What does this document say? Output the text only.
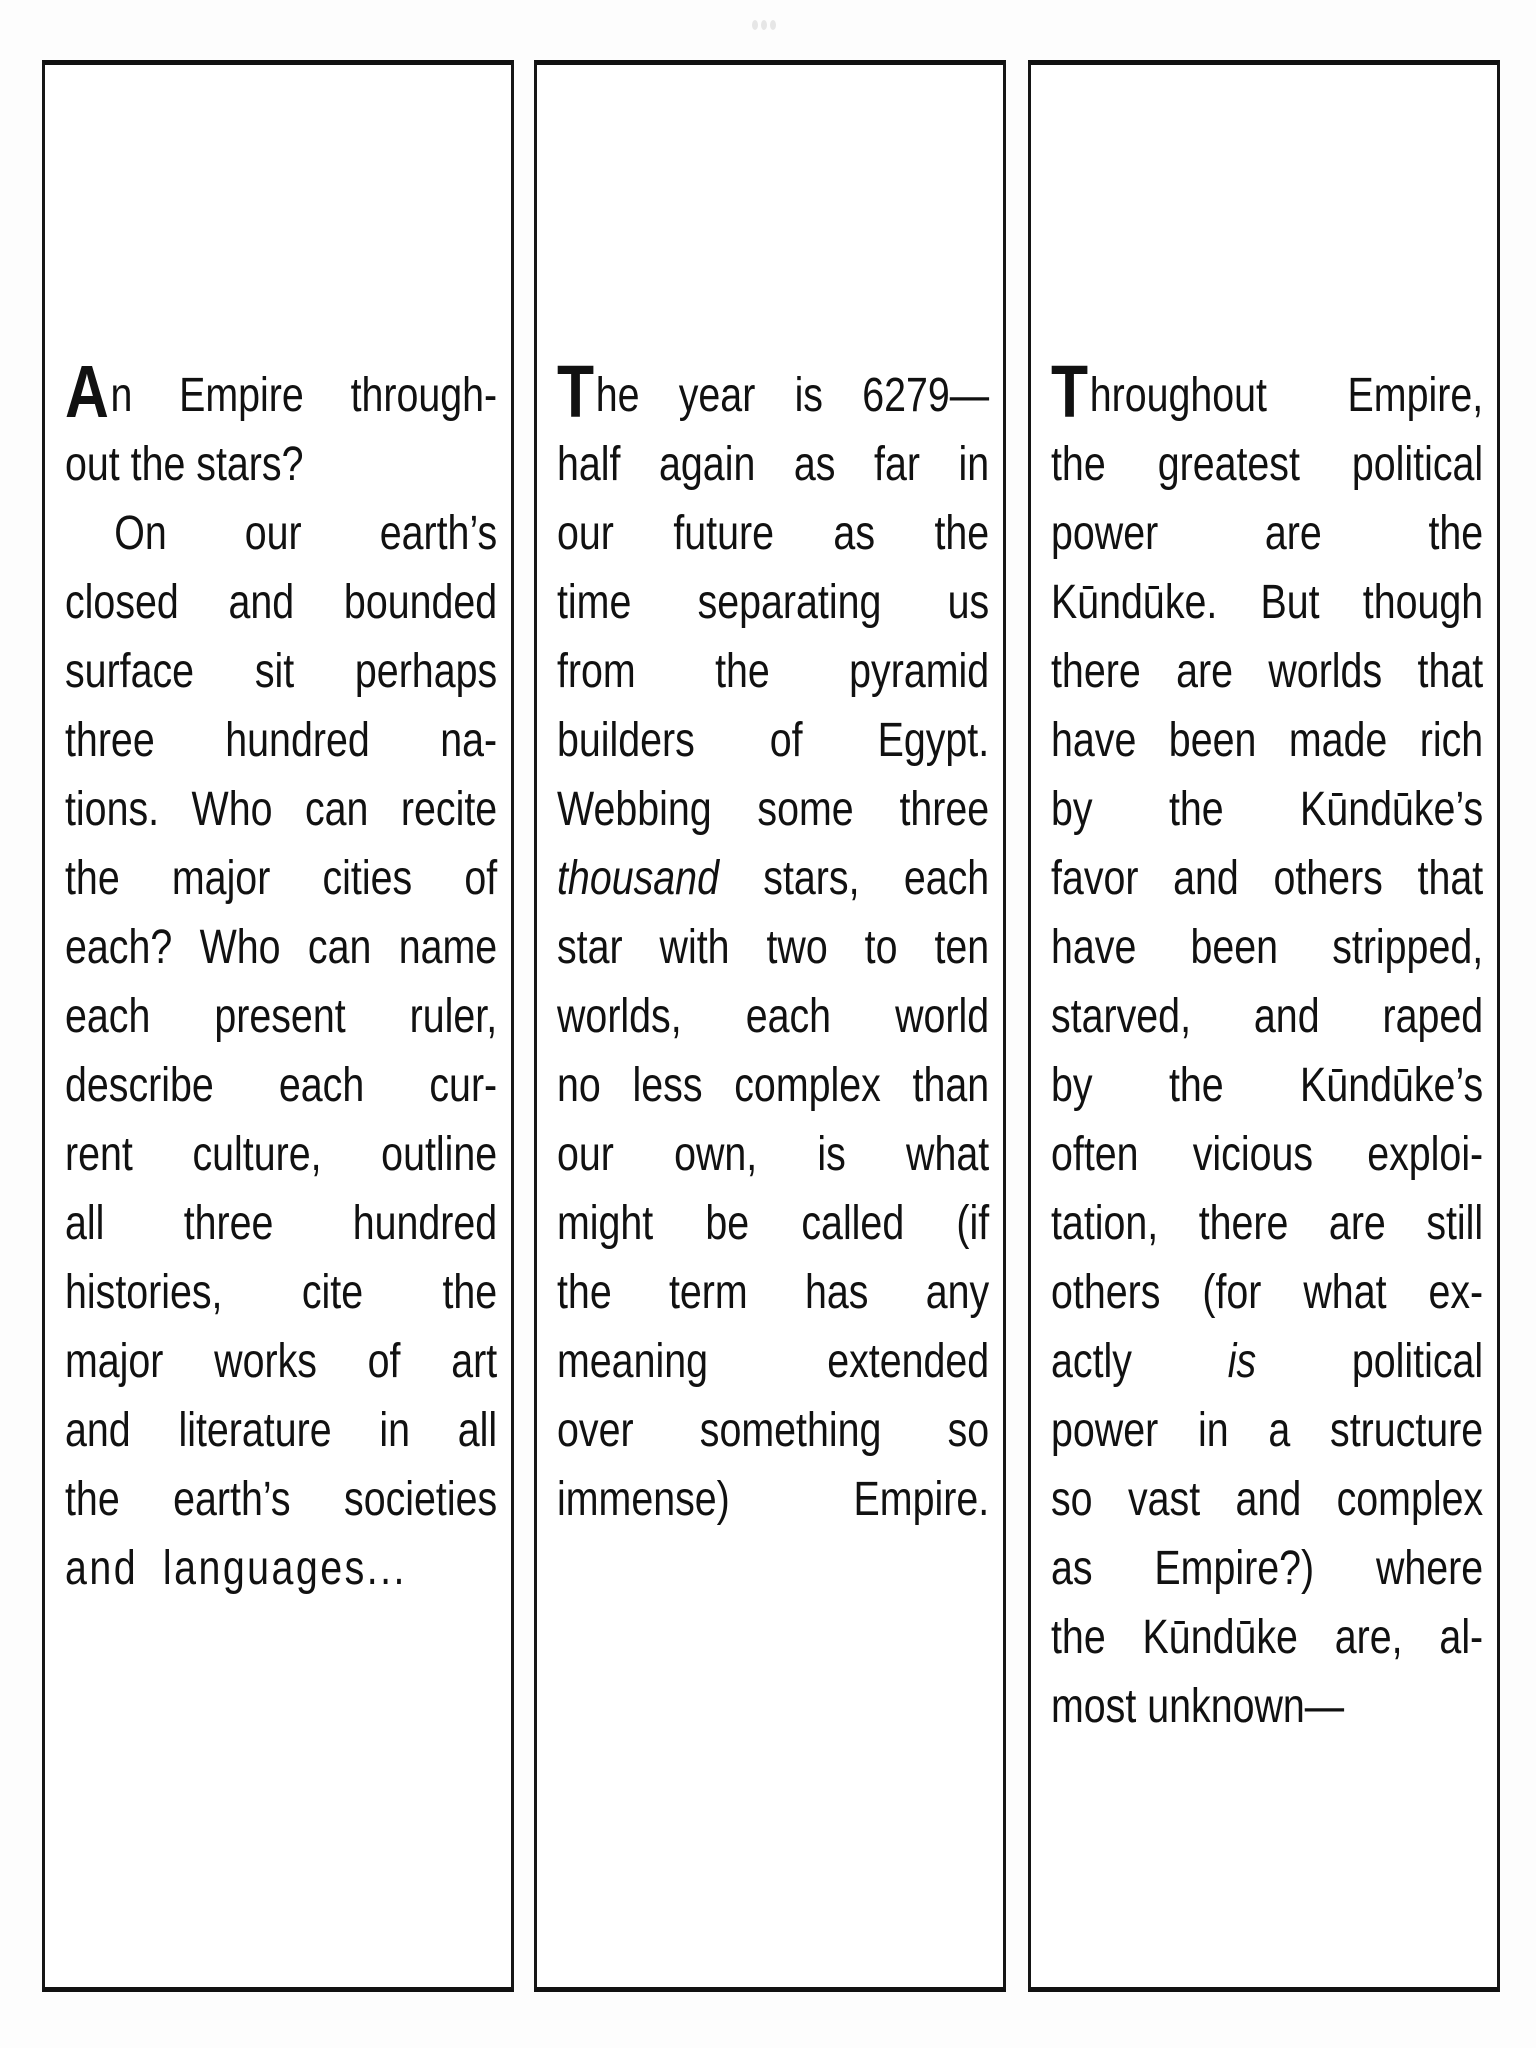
An Empire through-
out the stars?
On our earth’s
closed and bounded
surface sit perhaps
three hundred na-
tions. Who can recite
the major cities of
each? Who can name
each present ruler,
describe each cur-
rent culture, outline
all three hundred
histories, cite the
major works of art
and literature in all
the earth’s societies
and languages...
The year is 6279—
half again as far in
our future as the
time separating us
from the pyramid
builders of Egypt.
Webbing some three
thousand stars, each
star with two to ten
worlds, each world
no less complex than
our own, is what
might be called (if
the term has any
meaning extended
over something so
immense) Empire.
Throughout Empire,
the greatest political
power are the
Kūndūke. But though
there are worlds that
have been made rich
by the Kūndūke’s
favor and others that
have been stripped,
starved, and raped
by the Kūndūke’s
often vicious exploi-
tation, there are still
others (for what ex-
actly is political
power in a structure
so vast and complex
as Empire?) where
the Kūndūke are, al-
most unknown—
